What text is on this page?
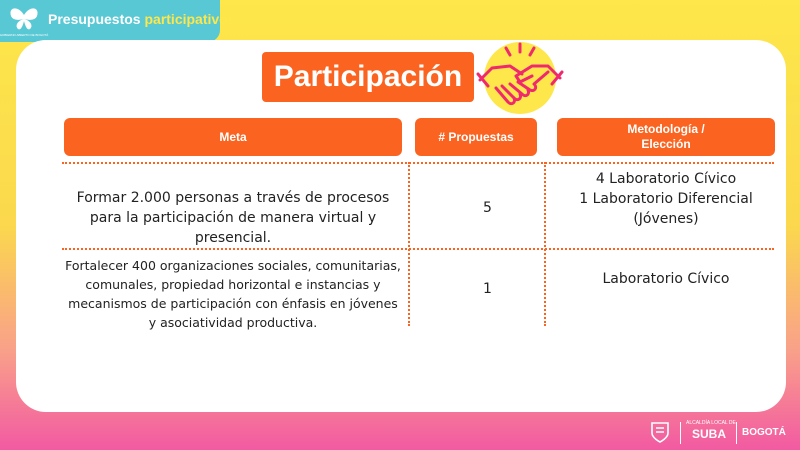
GOBIERNO ABIERTO DE BOGOTÁ
Presupuestos participativos
Participación
Meta	# Propuestas
Metodología /
Elección
Formar 2.000 personas a través de procesos para la participación de manera virtual y presencial.
5
4 Laboratorio Cívico
1 Laboratorio Diferencial
(Jóvenes)
Fortalecer 400 organizaciones sociales, comunitarias, comunales, propiedad horizontal e instancias y mecanismos de participación con énfasis en jóvenes y asociatividad productiva.
1
Laboratorio Cívico
ALCALDÍA LOCAL DE
SUBA	BOGOTÁ
